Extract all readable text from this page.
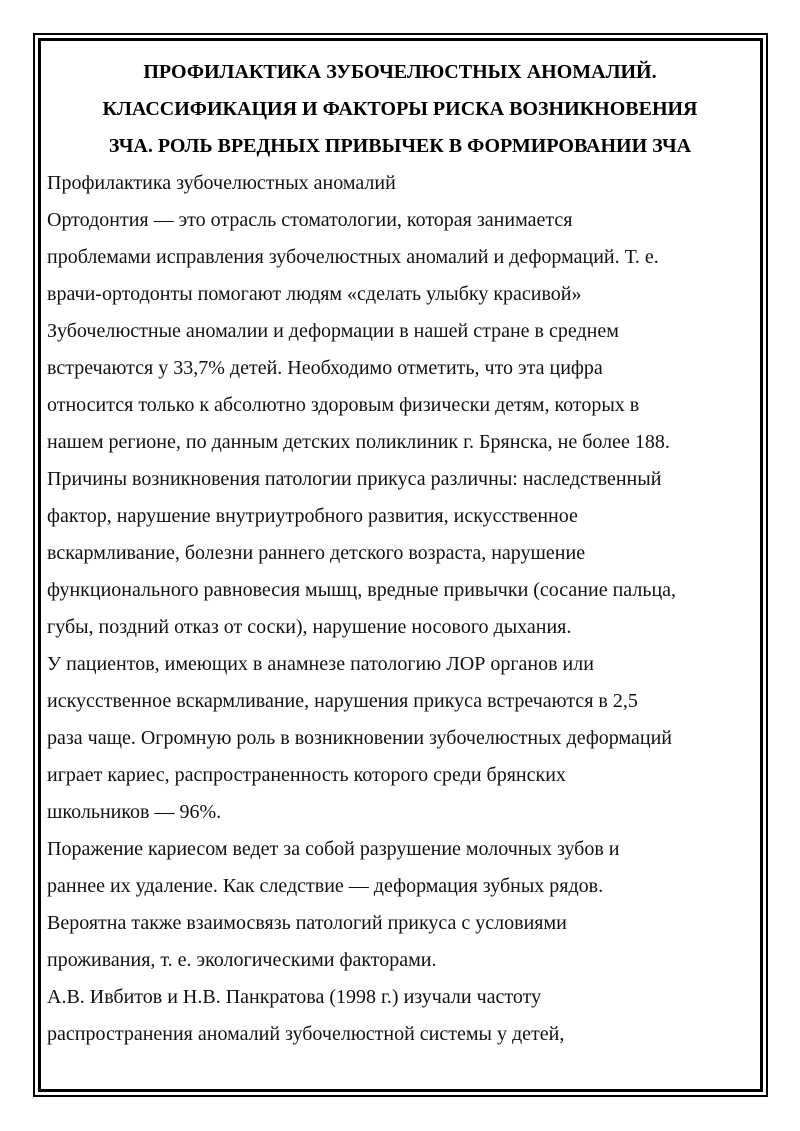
ПРОФИЛАКТИКА ЗУБОЧЕЛЮСТНЫХ АНОМАЛИЙ.
КЛАССИФИКАЦИЯ И ФАКТОРЫ РИСКА ВОЗНИКНОВЕНИЯ
ЗЧА. РОЛЬ ВРЕДНЫХ ПРИВЫЧЕК В ФОРМИРОВАНИИ ЗЧА
Профилактика зубочелюстных аномалий
Ортодонтия — это отрасль стоматологии, которая занимается
проблемами исправления зубочелюстных аномалий и деформаций. Т. е.
врачи-ортодонты помогают людям «сделать улыбку красивой»
Зубочелюстные аномалии и деформации в нашей стране в среднем
встречаются у 33,7% детей. Необходимо отметить, что эта цифра
относится только к абсолютно здоровым физически детям, которых в
нашем регионе, по данным детских поликлиник г. Брянска, не более 188.
Причины возникновения патологии прикуса различны: наследственный
фактор, нарушение внутриутробного развития, искусственное
вскармливание, болезни раннего детского возраста, нарушение
функционального равновесия мышц, вредные привычки (сосание пальца,
губы, поздний отказ от соски), нарушение носового дыхания.
У пациентов, имеющих в анамнезе патологию ЛОР органов или
искусственное вскармливание, нарушения прикуса встречаются в 2,5
раза чаще. Огромную роль в возникновении зубочелюстных деформаций
играет кариес, распространенность которого среди брянских
школьников — 96%.
Поражение кариесом ведет за собой разрушение молочных зубов и
раннее их удаление. Как следствие — деформация зубных рядов.
Вероятна также взаимосвязь патологий прикуса с условиями
проживания, т. е. экологическими факторами.
А.В. Ивбитов и Н.В. Панкратова (1998 г.) изучали частоту
распространения аномалий зубочелюстной системы у детей,
